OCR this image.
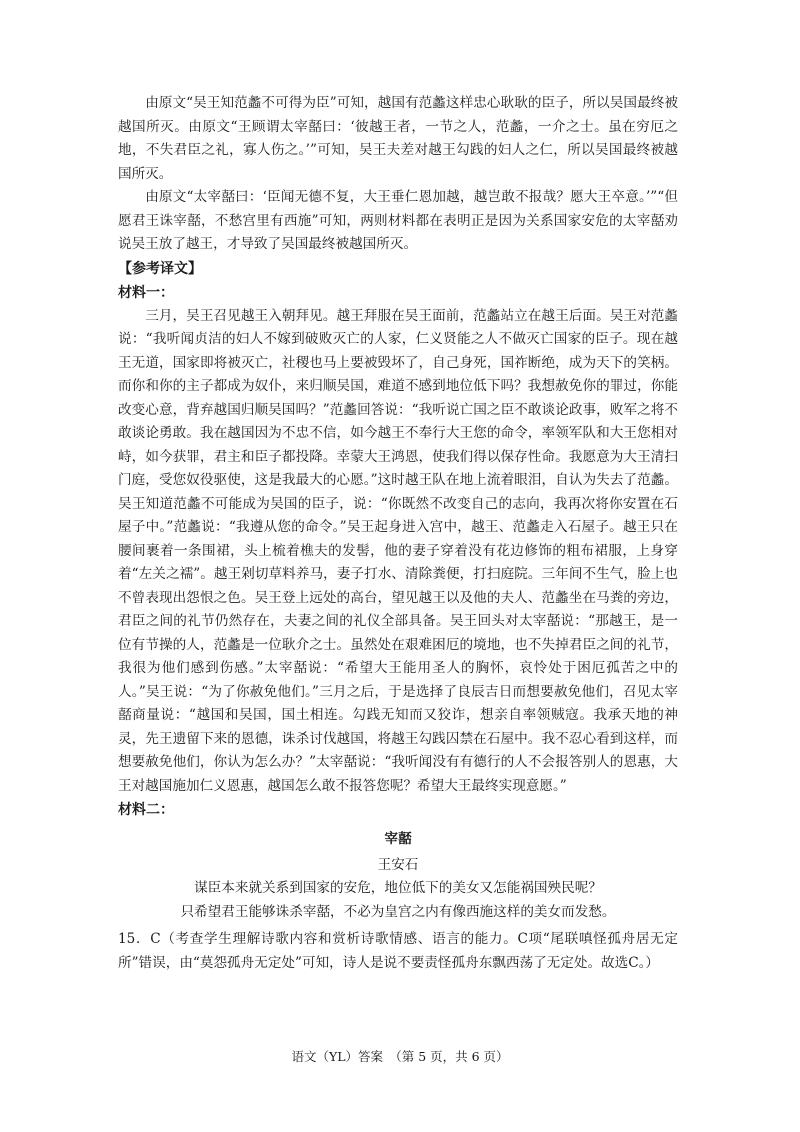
由原文“吴王知范蠡不可得为臣”可知，越国有范蠡这样忠心耿耿的臣子，所以吴国最终被越国所灭。由原文“王顾谓太宰嚭曰：‘彼越王者，一节之人，范蠡，一介之士。虽在穷厄之地，不失君臣之礼，寡人伤之。’”可知，吴王夫差对越王勾践的妇人之仁，所以吴国最终被越国所灭。

由原文“太宰嚭曰：‘臣闻无德不复，大王垂仁恩加越，越岂敢不报哉？愿大王卒意。’”“但愿君王诛宰嚭，不愁宫里有西施”可知，两则材料都在表明正是因为关系国家安危的太宰嚭劝说吴王放了越王，才导致了吴国最终被越国所灭。

【参考译文】

材料一：

三月，吴王召见越王入朝拜见。越王拜服在吴王面前，范蠡站立在越王后面。吴王对范蠡说：“我听闻贞洁的妇人不嫁到破败灭亡的人家，仁义贤能之人不做灭亡国家的臣子。现在越王无道，国家即将被灭亡，社稷也马上要被毁坏了，自己身死，国祚断绝，成为天下的笑柄。而你和你的主子都成为奴仆，来归顺吴国，难道不感到地位低下吗？我想赦免你的罪过，你能改变心意，背弃越国归顺吴国吗？”范蠡回答说：“我听说亡国之臣不敢谈论政事，败军之将不敢谈论勇敢。我在越国因为不忠不信，如今越王不奉行大王您的命令，率领军队和大王您相对峙，如今获罪，君主和臣子都投降。幸蒙大王鸿恩，使我们得以保存性命。我愿意为大王清扫门庭，受您奴役驱使，这是我最大的心愿。”这时越王队在地上流着眼泪，自认为失去了范蠡。吴王知道范蠡不可能成为吴国的臣子，说：“你既然不改变自己的志向，我再次将你安置在石屋子中。”范蠡说：“我遵从您的命令。”吴王起身进入宫中，越王、范蠡走入石屋子。越王只在腰间裹着一条围裙，头上梳着樵夫的发髻，他的妻子穿着没有花边修饰的粗布裙服，上身穿着“左关之襦”。越王剁切草料养马，妻子打水、清除粪便，打扫庭院。三年间不生气，脸上也不曾表现出怨恨之色。吴王登上远处的高台，望见越王以及他的夫人、范蠡坐在马粪的旁边，君臣之间的礼节仍然存在，夫妻之间的礼仪全部具备。吴王回头对太宰嚭说：“那越王，是一位有节操的人，范蠡是一位耿介之士。虽然处在艰难困厄的境地，也不失掉君臣之间的礼节，我很为他们感到伤感。”太宰嚭说：“希望大王能用圣人的胸怀，哀怜处于困厄孤苦之中的人。”吴王说：“为了你赦免他们。”三月之后，于是选择了良辰吉日而想要赦免他们，召见太宰嚭商量说：“越国和吴国，国土相连。勾践无知而又狡诈，想亲自率领贼寇。我承天地的神灵，先王遗留下来的恩德，诛杀讨伐越国，将越王勾践囚禁在石屋中。我不忍心看到这样，而想要赦免他们，你认为怎么办？”太宰嚭说：“我听闻没有有德行的人不会报答别人的恩惠，大王对越国施加仁义恩惠，越国怎么敢不报答您呢？希望大王最终实现意愿。”

材料二：

宰嚭

王安石

谋臣本来就关系到国家的安危，地位低下的美女又怎能祸国殃民呢？

只希望君王能够诛杀宰嚭，不必为皇宫之内有像西施这样的美女而发愁。

15．C（考查学生理解诗歌内容和赏析诗歌情感、语言的能力。C项“尾联嗔怪孤舟居无定所”错误，由“莫怨孤舟无定处”可知，诗人是说不要责怪孤舟东飘西荡了无定处。故选C。）

语文（YL）答案　（第 5 页，共 6 页）
